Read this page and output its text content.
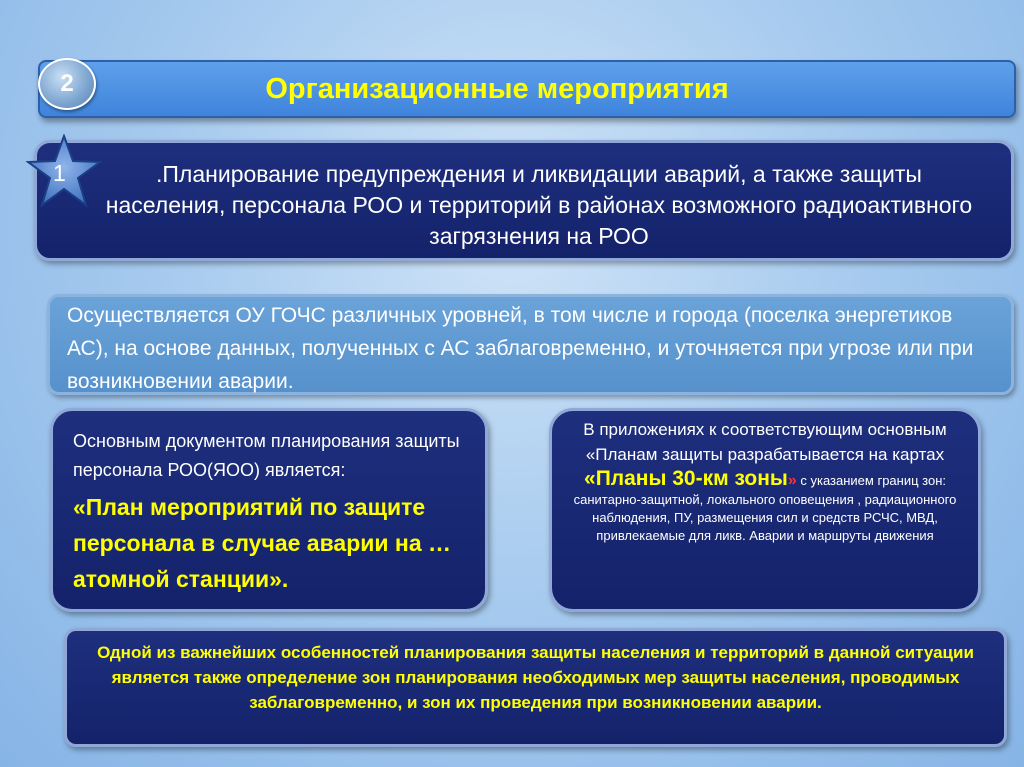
Организационные мероприятия
2
.Планирование предупреждения и ликвидации аварий, а также защиты населения, персонала РОО и территорий в районах возможного радиоактивного загрязнения на РОО
1
Осуществляется ОУ ГОЧС различных уровней, в том числе и города (поселка энергетиков АС), на основе данных, полученных с АС заблаговременно, и уточняется при угрозе или при возникновении аварии.
Основным документом планирования защиты персонала РОО(ЯОО) является:
«План мероприятий по защите персонала в случае аварии на … атомной станции».
В приложениях к соответствующим основным «Планам защиты разрабатывается на картах «Планы 30-км зоны» с указанием границ зон: санитарно-защитной, локального оповещения , радиационного наблюдения, ПУ, размещения сил и средств РСЧС, МВД, привлекаемые для ликв. Аварии и маршруты движения
Одной из важнейших особенностей планирования защиты населения и территорий в данной ситуации является также определение зон планирования необходимых мер защиты населения, проводимых заблаговременно, и зон их проведения при возникновении аварии.
